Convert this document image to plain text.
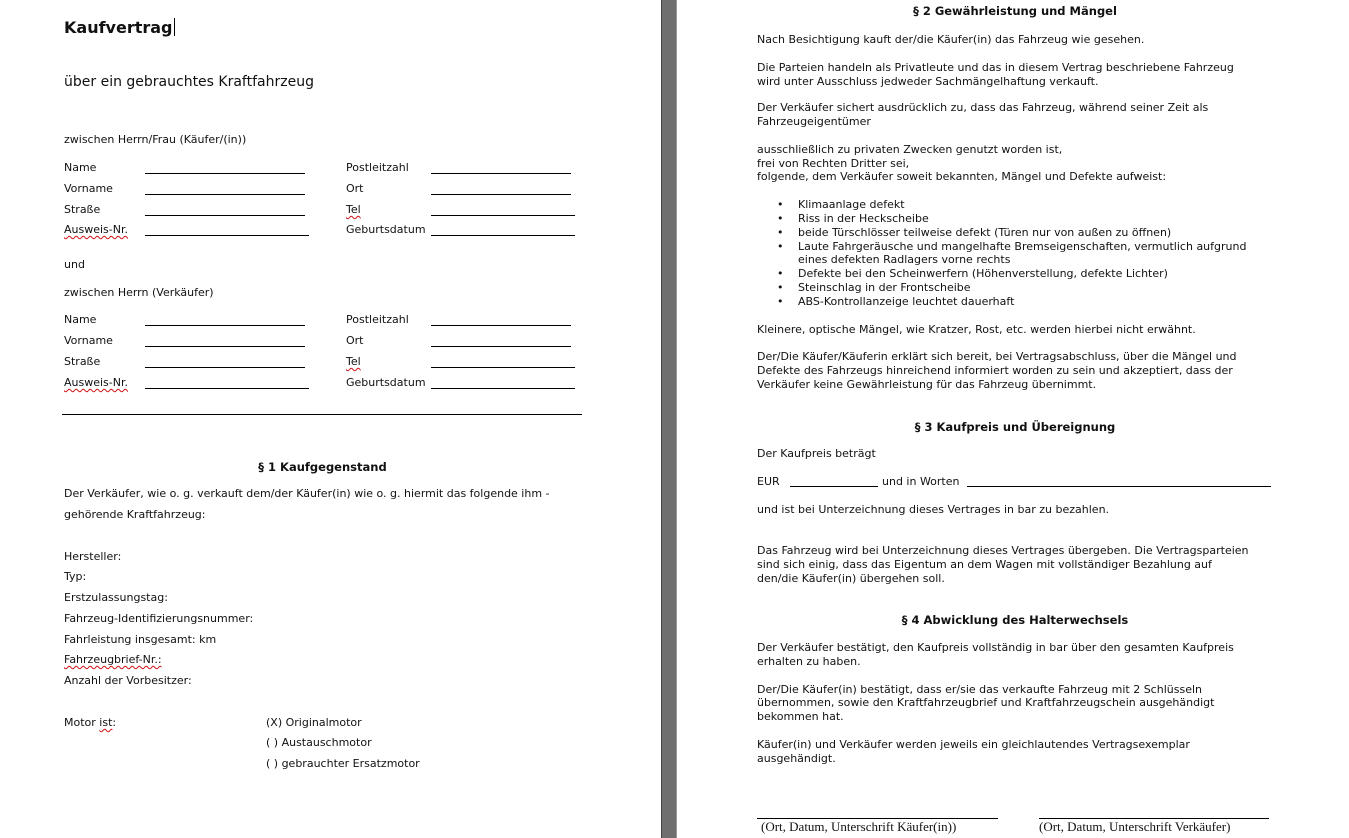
Kaufvertrag
über ein gebrauchtes Kraftfahrzeug
zwischen Herrn/Frau (Käufer/(in))
Name	Postleitzahl
Vorname	Ort
Straße	Tel
Ausweis-Nr.	Geburtsdatum
und
zwischen Herrn (Verkäufer)
Name	Postleitzahl
Vorname	Ort
Straße	Tel
Ausweis-Nr.	Geburtsdatum
§ 1 Kaufgegenstand
Der Verkäufer, wie o. g. verkauft dem/der Käufer(in) wie o. g. hiermit das folgende ihm -
gehörende Kraftfahrzeug:
Hersteller:
Typ:
Erstzulassungstag:
Fahrzeug-Identifizierungsnummer:
Fahrleistung insgesamt: km
Fahrzeugbrief-Nr.:
Anzahl der Vorbesitzer:
Motor ist:	(X) Originalmotor
( ) Austauschmotor
( ) gebrauchter Ersatzmotor
§ 2 Gewährleistung und Mängel
Nach Besichtigung kauft der/die Käufer(in) das Fahrzeug wie gesehen.
Die Parteien handeln als Privatleute und das in diesem Vertrag beschriebene Fahrzeug
wird unter Ausschluss jedweder Sachmängelhaftung verkauft.
Der Verkäufer sichert ausdrücklich zu, dass das Fahrzeug, während seiner Zeit als
Fahrzeugeigentümer
ausschließlich zu privaten Zwecken genutzt worden ist,
frei von Rechten Dritter sei,
folgende, dem Verkäufer soweit bekannten, Mängel und Defekte aufweist:
• Klimaanlage defekt
• Riss in der Heckscheibe
• beide Türschlösser teilweise defekt (Türen nur von außen zu öffnen)
• Laute Fahrgeräusche und mangelhafte Bremseigenschaften, vermutlich aufgrund
eines defekten Radlagers vorne rechts
• Defekte bei den Scheinwerfern (Höhenverstellung, defekte Lichter)
• Steinschlag in der Frontscheibe
• ABS-Kontrollanzeige leuchtet dauerhaft
Kleinere, optische Mängel, wie Kratzer, Rost, etc. werden hierbei nicht erwähnt.
Der/Die Käufer/Käuferin erklärt sich bereit, bei Vertragsabschluss, über die Mängel und
Defekte des Fahrzeugs hinreichend informiert worden zu sein und akzeptiert, dass der
Verkäufer keine Gewährleistung für das Fahrzeug übernimmt.
§ 3 Kaufpreis und Übereignung
Der Kaufpreis beträgt
EUR	und in Worten
und ist bei Unterzeichnung dieses Vertrages in bar zu bezahlen.
Das Fahrzeug wird bei Unterzeichnung dieses Vertrages übergeben. Die Vertragsparteien
sind sich einig, dass das Eigentum an dem Wagen mit vollständiger Bezahlung auf
den/die Käufer(in) übergehen soll.
§ 4 Abwicklung des Halterwechsels
Der Verkäufer bestätigt, den Kaufpreis vollständig in bar über den gesamten Kaufpreis
erhalten zu haben.
Der/Die Käufer(in) bestätigt, dass er/sie das verkaufte Fahrzeug mit 2 Schlüsseln
übernommen, sowie den Kraftfahrzeugbrief und Kraftfahrzeugschein ausgehändigt
bekommen hat.
Käufer(in) und Verkäufer werden jeweils ein gleichlautendes Vertragsexemplar
ausgehändigt.
(Ort, Datum, Unterschrift Käufer(in))	(Ort, Datum, Unterschrift Verkäufer)
